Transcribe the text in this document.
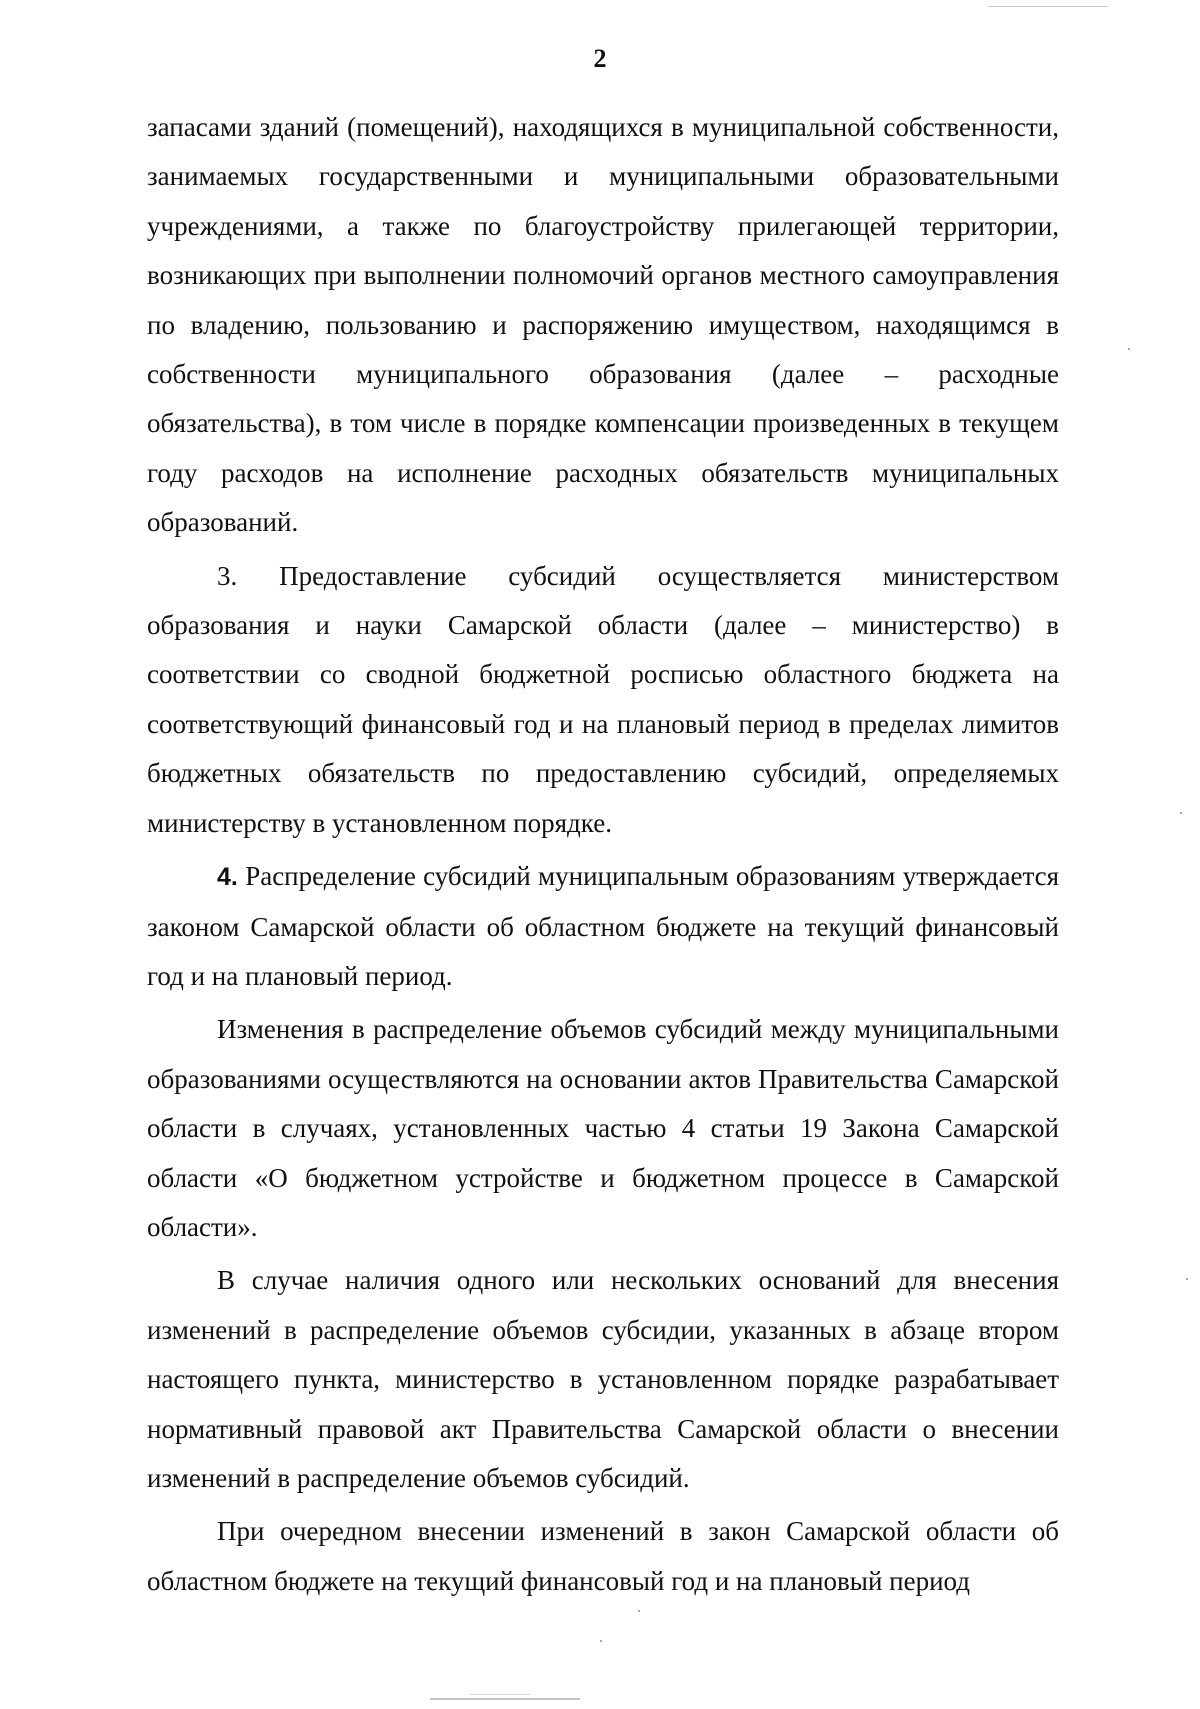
2

запасами зданий (помещений), находящихся в муниципальной собственности, занимаемых государственными и муниципальными образовательными учреждениями, а также по благоустройству прилегающей территории, возникающих при выполнении полномочий органов местного самоуправления по владению, пользованию и распоряжению имуществом, находящимся в собственности муниципального образования (далее – расходные обязательства), в том числе в порядке компенсации произведенных в текущем году расходов на исполнение расходных обязательств муниципальных образований.

3. Предоставление субсидий осуществляется министерством образования и науки Самарской области (далее – министерство) в соответствии со сводной бюджетной росписью областного бюджета на соответствующий финансовый год и на плановый период в пределах лимитов бюджетных обязательств по предоставлению субсидий, определяемых министерству в установленном порядке.

4. Распределение субсидий муниципальным образованиям утверждается законом Самарской области об областном бюджете на текущий финансовый год и на плановый период.

Изменения в распределение объемов субсидий между муниципальными образованиями осуществляются на основании актов Правительства Самарской области в случаях, установленных частью 4 статьи 19 Закона Самарской области «О бюджетном устройстве и бюджетном процессе в Самарской области».

В случае наличия одного или нескольких оснований для внесения изменений в распределение объемов субсидии, указанных в абзаце втором настоящего пункта, министерство в установленном порядке разрабатывает нормативный правовой акт Правительства Самарской области о внесении изменений в распределение объемов субсидий.

При очередном внесении изменений в закон Самарской области об областном бюджете на текущий финансовый год и на плановый период
